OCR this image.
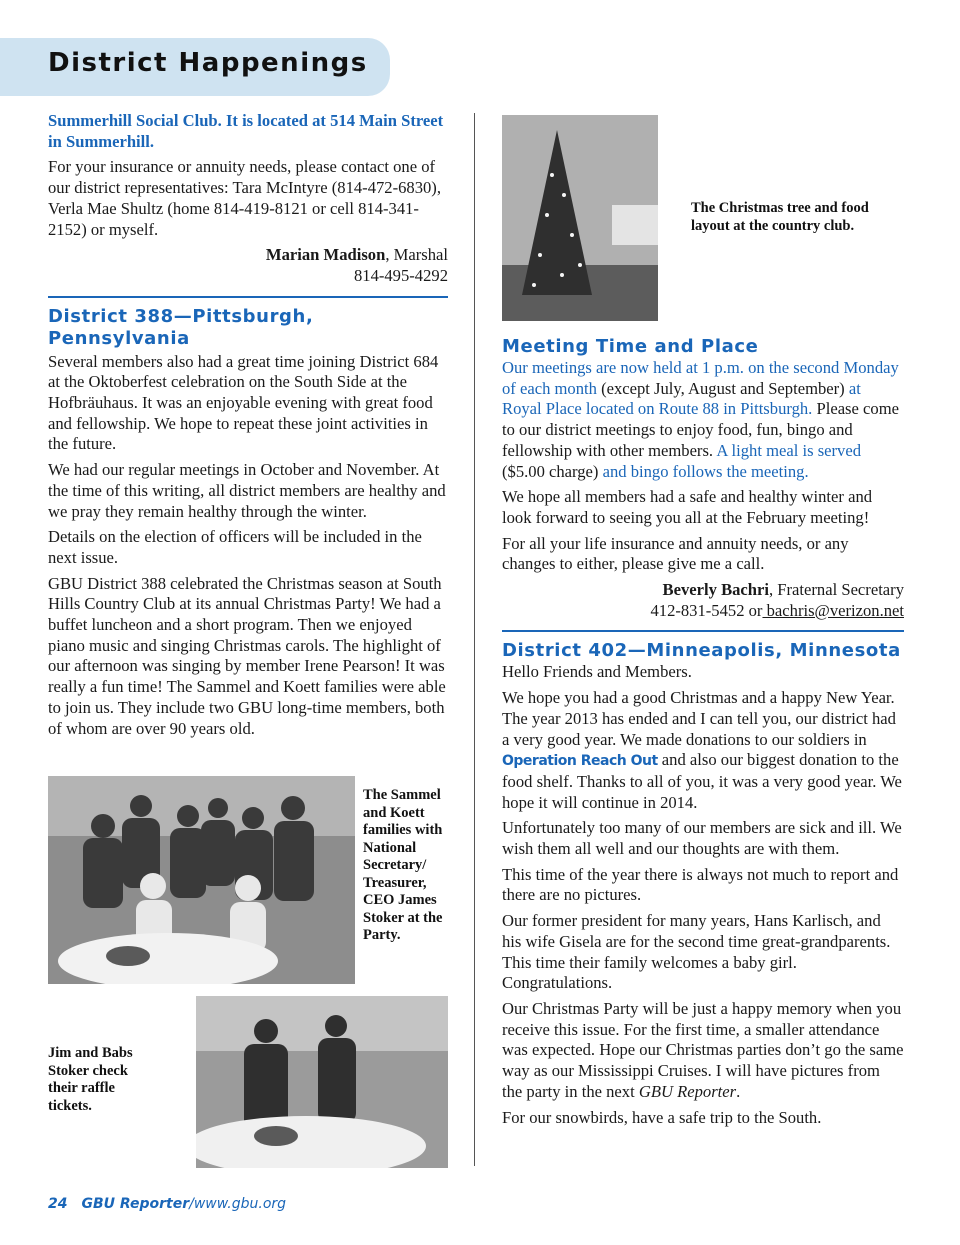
District Happenings

Summerhill Social Club. It is located at 514 Main Street in Summerhill.

For your insurance or annuity needs, please contact one of our district representatives: Tara McIntyre (814-472-6830), Verla Mae Shultz (home 814-419-8121 or cell 814-341-2152) or myself.

Marian Madison, Marshal
814-495-4292

District 388—Pittsburgh, Pennsylvania

Several members also had a great time joining District 684 at the Oktoberfest celebration on the South Side at the Hofbräuhaus. It was an enjoyable evening with great food and fellowship. We hope to repeat these joint activities in the future.

We had our regular meetings in October and November. At the time of this writing, all district members are healthy and we pray they remain healthy through the winter.

Details on the election of officers will be included in the next issue.

GBU District 388 celebrated the Christmas season at South Hills Country Club at its annual Christmas Party! We had a buffet luncheon and a short program. Then we enjoyed piano music and singing Christmas carols. The highlight of our afternoon was singing by member Irene Pearson! It was really a fun time! The Sammel and Koett families were able to join us. They include two GBU long-time members, both of whom are over 90 years old.

The Sammel and Koett families with National Secretary/ Treasurer, CEO James Stoker at the Party.
Jim and Babs Stoker check their raffle tickets.
The Christmas tree and food layout at the country club.
Meeting Time and Place

Our meetings are now held at 1 p.m. on the second Monday of each month (except July, August and September) at Royal Place located on Route 88 in Pittsburgh. Please come to our district meetings to enjoy food, fun, bingo and fellowship with other members. A light meal is served ($5.00 charge) and bingo follows the meeting.

We hope all members had a safe and healthy winter and look forward to seeing you all at the February meeting!

For all your life insurance and annuity needs, or any changes to either, please give me a call.

Beverly Bachri, Fraternal Secretary
412-831-5452 or bachris@verizon.net

District 402—Minneapolis, Minnesota

Hello Friends and Members.

We hope you had a good Christmas and a happy New Year. The year 2013 has ended and I can tell you, our district had a very good year. We made donations to our soldiers in Operation Reach Out and also our biggest donation to the food shelf. Thanks to all of you, it was a very good year. We hope it will continue in 2014.

Unfortunately too many of our members are sick and ill. We wish them all well and our thoughts are with them.

This time of the year there is always not much to report and there are no pictures.

Our former president for many years, Hans Karlisch, and his wife Gisela are for the second time great-grandparents. This time their family welcomes a baby girl. Congratulations.

Our Christmas Party will be just a happy memory when you receive this issue. For the first time, a smaller attendance was expected. Hope our Christmas parties don’t go the same way as our Mississippi Cruises. I will have pictures from the party in the next GBU Reporter.

For our snowbirds, have a safe trip to the South.

24 GBU Reporter/www.gbu.org
